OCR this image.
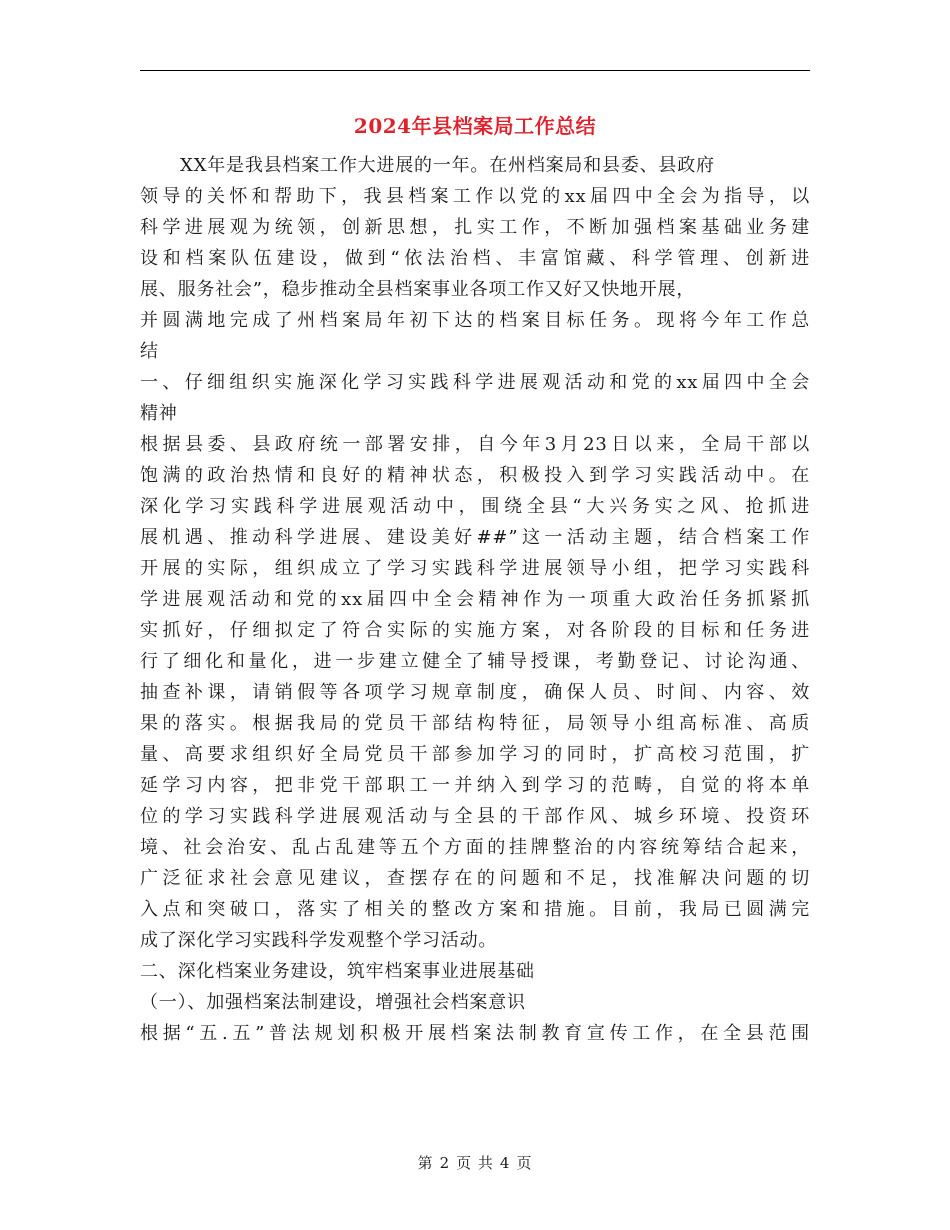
2024年县档案局工作总结
XX年是我县档案工作大进展的一年。在州档案局和县委、县政府
领导的关怀和帮助下，我县档案工作以党的xx届四中全会为指导，以
科学进展观为统领，创新思想，扎实工作，不断加强档案基础业务建
设和档案队伍建设，做到“依法治档、丰富馆藏、科学管理、创新进
展、服务社会”，稳步推动全县档案事业各项工作又好又快地开展，
并圆满地完成了州档案局年初下达的档案目标任务。现将今年工作总
结
一、仔细组织实施深化学习实践科学进展观活动和党的xx届四中全会
精神
根据县委、县政府统一部署安排，自今年3月23日以来，全局干部以
饱满的政治热情和良好的精神状态，积极投入到学习实践活动中。在
深化学习实践科学进展观活动中，围绕全县“大兴务实之风、抢抓进
展机遇、推动科学进展、建设美好##”这一活动主题，结合档案工作
开展的实际，组织成立了学习实践科学进展领导小组，把学习实践科
学进展观活动和党的xx届四中全会精神作为一项重大政治任务抓紧抓
实抓好，仔细拟定了符合实际的实施方案，对各阶段的目标和任务进
行了细化和量化，进一步建立健全了辅导授课，考勤登记、讨论沟通、
抽查补课，请销假等各项学习规章制度，确保人员、时间、内容、效
果的落实。根据我局的党员干部结构特征，局领导小组高标准、高质
量、高要求组织好全局党员干部参加学习的同时，扩高校习范围，扩
延学习内容，把非党干部职工一并纳入到学习的范畴，自觉的将本单
位的学习实践科学进展观活动与全县的干部作风、城乡环境、投资环
境、社会治安、乱占乱建等五个方面的挂牌整治的内容统筹结合起来，
广泛征求社会意见建议，查摆存在的问题和不足，找准解决问题的切
入点和突破口，落实了相关的整改方案和措施。目前，我局已圆满完
成了深化学习实践科学发观整个学习活动。
二、深化档案业务建设，筑牢档案事业进展基础
（一）、加强档案法制建设，增强社会档案意识
根据“五.五”普法规划积极开展档案法制教育宣传工作，在全县范围
第 2 页 共 4 页
